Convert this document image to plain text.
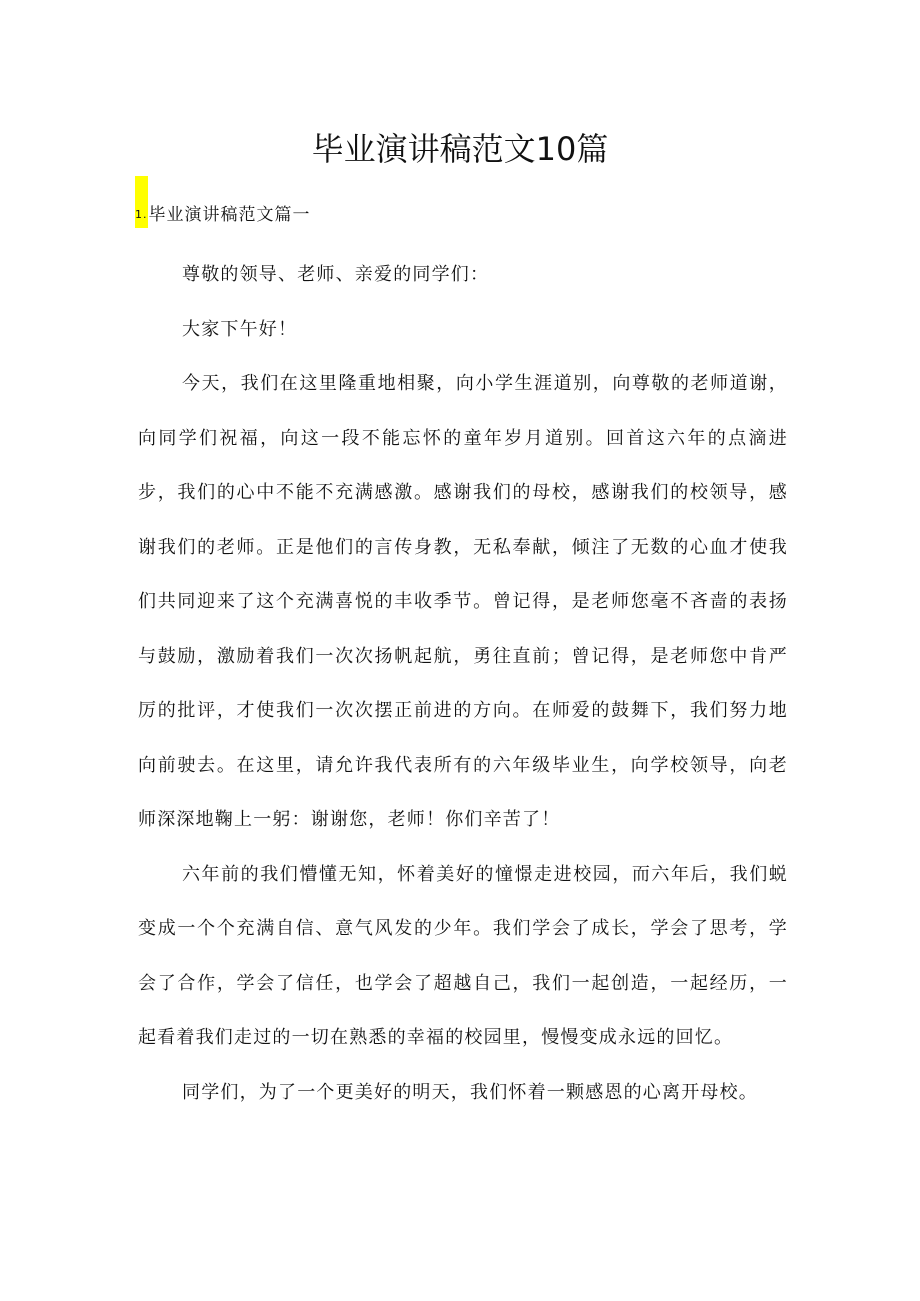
毕业演讲稿范文10篇
1. 毕业演讲稿范文篇一

尊敬的领导、老师、亲爱的同学们：

大家下午好！

今天，我们在这里隆重地相聚，向小学生涯道别，向尊敬的老师道谢，向同学们祝福，向这一段不能忘怀的童年岁月道别。回首这六年的点滴进步，我们的心中不能不充满感激。感谢我们的母校，感谢我们的校领导，感谢我们的老师。正是他们的言传身教，无私奉献，倾注了无数的心血才使我们共同迎来了这个充满喜悦的丰收季节。曾记得，是老师您毫不吝啬的表扬与鼓励，激励着我们一次次扬帆起航，勇往直前；曾记得，是老师您中肯严厉的批评，才使我们一次次摆正前进的方向。在师爱的鼓舞下，我们努力地向前驶去。在这里，请允许我代表所有的六年级毕业生，向学校领导，向老师深深地鞠上一躬：谢谢您，老师！你们辛苦了！

六年前的我们懵懂无知，怀着美好的憧憬走进校园，而六年后，我们蜕变成一个个充满自信、意气风发的少年。我们学会了成长，学会了思考，学会了合作，学会了信任，也学会了超越自己，我们一起创造，一起经历，一起看着我们走过的一切在熟悉的幸福的校园里，慢慢变成永远的回忆。

同学们，为了一个更美好的明天，我们怀着一颗感恩的心离开母校。
